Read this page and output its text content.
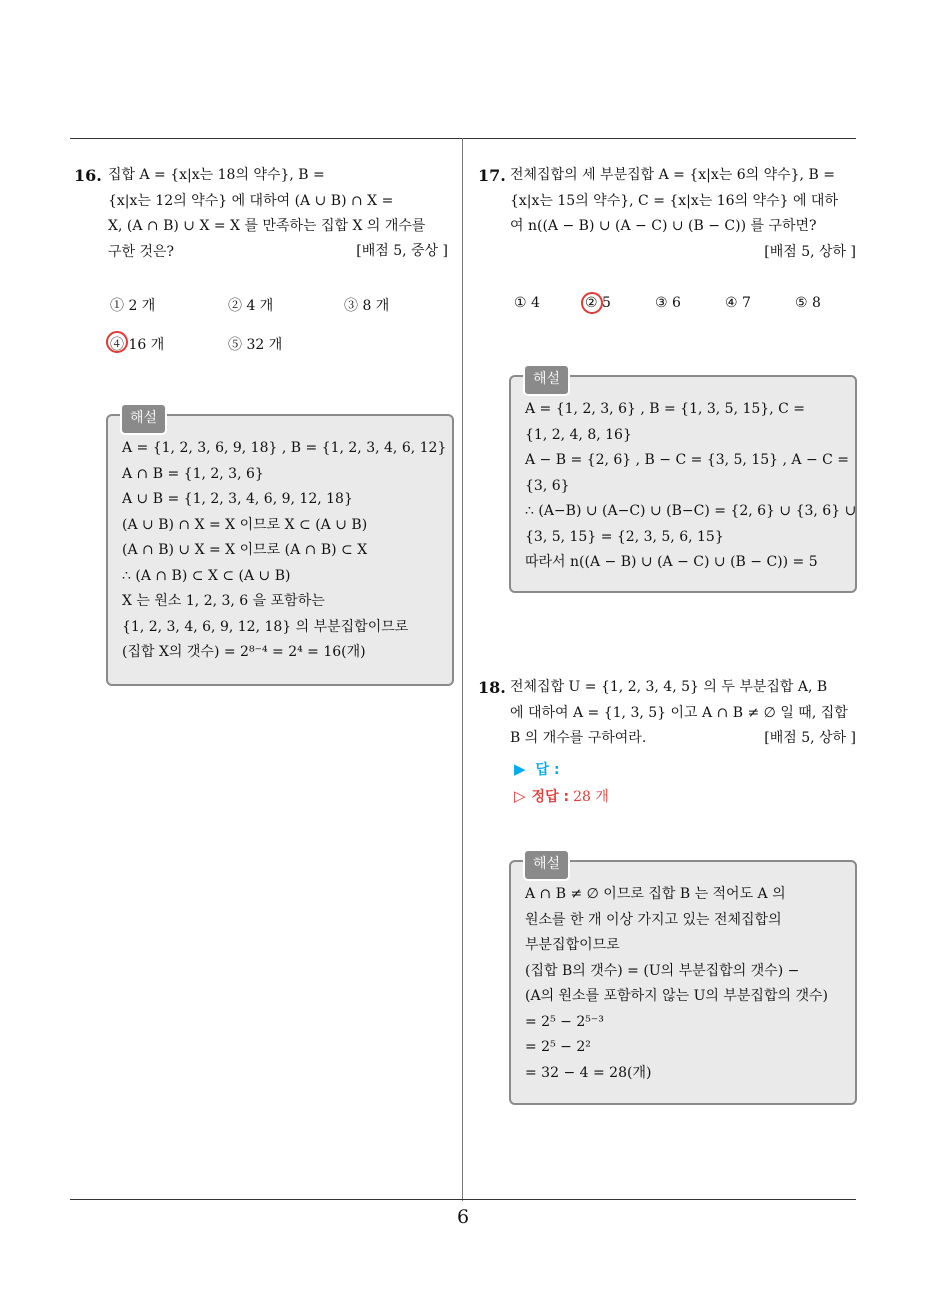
16. 집합 A = {x|x는 18의 약수}, B =
{x|x는 12의 약수} 에 대하여 (A ∪ B) ∩ X =
X, (A ∩ B) ∪ X = X 를 만족하는 집합 X 의 개수를
구한 것은?	[배점 5, 중상 ]
① 2 개	② 4 개	③ 8 개
④ 16 개	⑤ 32 개
해설
A = {1, 2, 3, 6, 9, 18} , B = {1, 2, 3, 4, 6, 12}
A ∩ B = {1, 2, 3, 6}
A ∪ B = {1, 2, 3, 4, 6, 9, 12, 18}
(A ∪ B) ∩ X = X 이므로 X ⊂ (A ∪ B)
(A ∩ B) ∪ X = X 이므로 (A ∩ B) ⊂ X
∴ (A ∩ B) ⊂ X ⊂ (A ∪ B)
X 는 원소 1, 2, 3, 6 을 포함하는
{1, 2, 3, 4, 6, 9, 12, 18} 의 부분집합이므로
(집합 X의 갯수) = 2⁸⁻⁴ = 2⁴ = 16(개)
17. 전체집합의 세 부분집합 A = {x|x는 6의 약수}, B =
{x|x는 15의 약수}, C = {x|x는 16의 약수} 에 대하
여 n((A − B) ∪ (A − C) ∪ (B − C)) 를 구하면?
[배점 5, 상하 ]
① 4	② 5	③ 6	④ 7	⑤ 8
해설
A = {1, 2, 3, 6} , B = {1, 3, 5, 15}, C =
{1, 2, 4, 8, 16}
A − B = {2, 6} , B − C = {3, 5, 15} , A − C =
{3, 6}
∴ (A−B) ∪ (A−C) ∪ (B−C) = {2, 6} ∪ {3, 6} ∪
{3, 5, 15} = {2, 3, 5, 6, 15}
따라서 n((A − B) ∪ (A − C) ∪ (B − C)) = 5
18. 전체집합 U = {1, 2, 3, 4, 5} 의 두 부분집합 A, B
에 대하여 A = {1, 3, 5} 이고 A ∩ B ≠ ∅ 일 때, 집합
B 의 개수를 구하여라.	[배점 5, 상하 ]
▶ 답 :
▷ 정답 : 28 개
해설
A ∩ B ≠ ∅ 이므로 집합 B 는 적어도 A 의
원소를 한 개 이상 가지고 있는 전체집합의
부분집합이므로
(집합 B의 갯수) = (U의 부분집합의 갯수) −
(A의 원소를 포함하지 않는 U의 부분집합의 갯수)
= 2⁵ − 2⁵⁻³
= 2⁵ − 2²
= 32 − 4 = 28(개)
6
